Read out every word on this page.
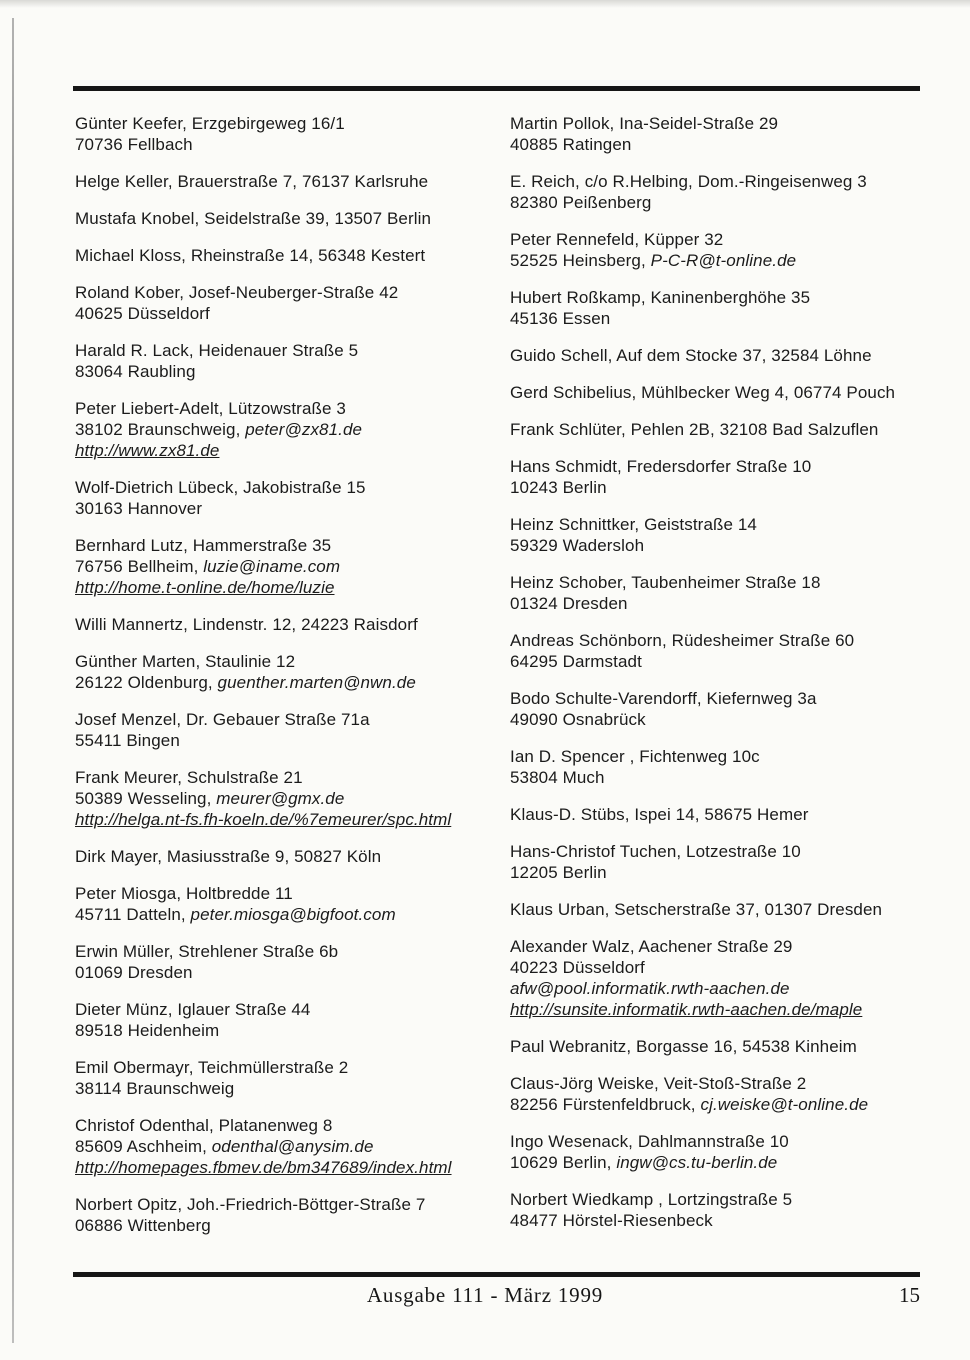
Günter Keefer, Erzgebirgeweg 16/1
70736 Fellbach
Helge Keller, Brauerstraße 7, 76137 Karlsruhe
Mustafa Knobel, Seidelstraße 39, 13507 Berlin
Michael Kloss, Rheinstraße 14, 56348 Kestert
Roland Kober, Josef-Neuberger-Straße 42
40625 Düsseldorf
Harald R. Lack, Heidenauer Straße 5
83064 Raubling
Peter Liebert-Adelt, Lützowstraße 3
38102 Braunschweig, peter@zx81.de
http://www.zx81.de
Wolf-Dietrich Lübeck, Jakobistraße 15
30163 Hannover
Bernhard Lutz, Hammerstraße 35
76756 Bellheim, luzie@iname.com
http://home.t-online.de/home/luzie
Willi Mannertz, Lindenstr. 12, 24223 Raisdorf
Günther Marten, Staulinie 12
26122 Oldenburg, guenther.marten@nwn.de
Josef Menzel, Dr. Gebauer Straße 71a
55411 Bingen
Frank Meurer, Schulstraße 21
50389 Wesseling, meurer@gmx.de
http://helga.nt-fs.fh-koeln.de/%7emeurer/spc.html
Dirk Mayer, Masiusstraße 9, 50827 Köln
Peter Miosga, Holtbredde 11
45711 Datteln, peter.miosga@bigfoot.com
Erwin Müller, Strehlener Straße 6b
01069 Dresden
Dieter Münz, Iglauer Straße 44
89518 Heidenheim
Emil Obermayr, Teichmüllerstraße 2
38114 Braunschweig
Christof Odenthal, Platanenweg 8
85609 Aschheim, odenthal@anysim.de
http://homepages.fbmev.de/bm347689/index.html
Norbert Opitz, Joh.-Friedrich-Böttger-Straße 7
06886 Wittenberg
Martin Pollok, Ina-Seidel-Straße 29
40885 Ratingen
E. Reich, c/o R.Helbing, Dom.-Ringeisenweg 3
82380 Peißenberg
Peter Rennefeld, Küpper 32
52525 Heinsberg, P-C-R@t-online.de
Hubert Roßkamp, Kaninenberghöhe 35
45136 Essen
Guido Schell, Auf dem Stocke 37, 32584 Löhne
Gerd Schibelius, Mühlbecker Weg 4, 06774 Pouch
Frank Schlüter, Pehlen 2B, 32108 Bad Salzuflen
Hans Schmidt, Fredersdorfer Straße 10
10243 Berlin
Heinz Schnittker, Geiststraße 14
59329 Wadersloh
Heinz Schober, Taubenheimer Straße 18
01324 Dresden
Andreas Schönborn, Rüdesheimer Straße 60
64295 Darmstadt
Bodo Schulte-Varendorff, Kiefernweg 3a
49090 Osnabrück
Ian D. Spencer , Fichtenweg 10c
53804 Much
Klaus-D. Stübs, Ispei 14, 58675 Hemer
Hans-Christof Tuchen, Lotzestraße 10
12205 Berlin
Klaus Urban, Setscherstraße 37, 01307 Dresden
Alexander Walz, Aachener Straße 29
40223 Düsseldorf
afw@pool.informatik.rwth-aachen.de
http://sunsite.informatik.rwth-aachen.de/maple
Paul Webranitz, Borgasse 16, 54538 Kinheim
Claus-Jörg Weiske, Veit-Stoß-Straße 2
82256 Fürstenfeldbruck, cj.weiske@t-online.de
Ingo Wesenack, Dahlmannstraße 10
10629 Berlin, ingw@cs.tu-berlin.de
Norbert Wiedkamp , Lortzingstraße 5
48477 Hörstel-Riesenbeck
Ausgabe 111 - März 1999	15
